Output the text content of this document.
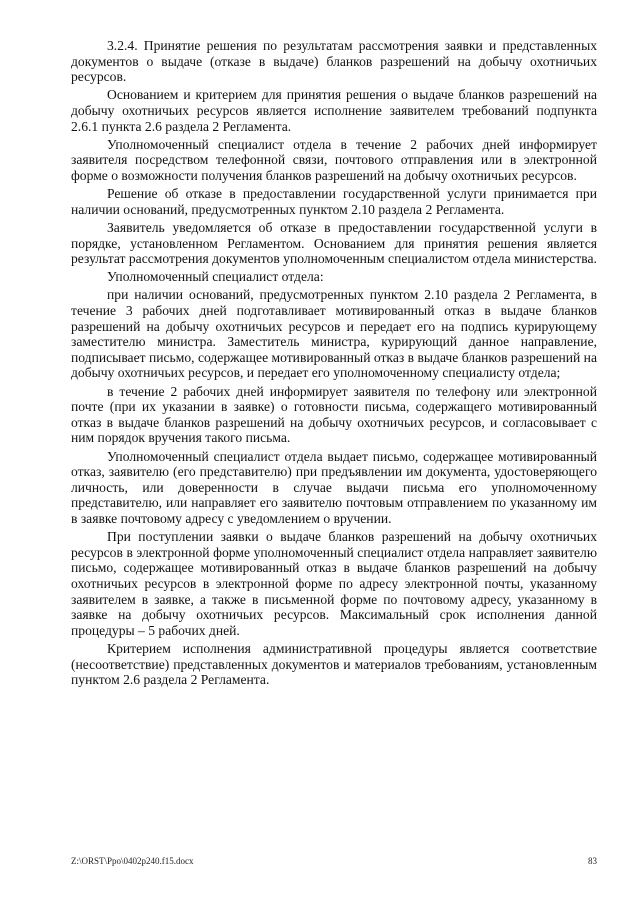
3.2.4. Принятие решения по результатам рассмотрения заявки и представленных документов о выдаче (отказе в выдаче) бланков разрешений на добычу охотничьих ресурсов.

Основанием и критерием для принятия решения о выдаче бланков разрешений на добычу охотничьих ресурсов является исполнение заявителем требований подпункта 2.6.1 пункта 2.6 раздела 2 Регламента.

Уполномоченный специалист отдела в течение 2 рабочих дней информирует заявителя посредством телефонной связи, почтового отправления или в электронной форме о возможности получения бланков разрешений на добычу охотничьих ресурсов.

Решение об отказе в предоставлении государственной услуги принимается при наличии оснований, предусмотренных пунктом 2.10 раздела 2 Регламента.

Заявитель уведомляется об отказе в предоставлении государственной услуги в порядке, установленном Регламентом. Основанием для принятия решения является результат рассмотрения документов уполномоченным специалистом отдела министерства.

Уполномоченный специалист отдела:

при наличии оснований, предусмотренных пунктом 2.10 раздела 2 Регламента, в течение 3 рабочих дней подготавливает мотивированный отказ в выдаче бланков разрешений на добычу охотничьих ресурсов и передает его на подпись курирующему заместителю министра. Заместитель министра, курирующий данное направление, подписывает письмо, содержащее мотивированный отказ в выдаче бланков разрешений на добычу охотничьих ресурсов, и передает его уполномоченному специалисту отдела;

в течение 2 рабочих дней информирует заявителя по телефону или электронной почте (при их указании в заявке) о готовности письма, содержащего мотивированный отказ в выдаче бланков разрешений на добычу охотничьих ресурсов, и согласовывает с ним порядок вручения такого письма.

Уполномоченный специалист отдела выдает письмо, содержащее мотивированный отказ, заявителю (его представителю) при предъявлении им документа, удостоверяющего личность, или доверенности в случае выдачи письма его уполномоченному представителю, или направляет его заявителю почтовым отправлением по указанному им в заявке почтовому адресу с уведомлением о вручении.

При поступлении заявки о выдаче бланков разрешений на добычу охотничьих ресурсов в электронной форме уполномоченный специалист отдела направляет заявителю письмо, содержащее мотивированный отказ в выдаче бланков разрешений на добычу охотничьих ресурсов в электронной форме по адресу электронной почты, указанному заявителем в заявке, а также в письменной форме по почтовому адресу, указанному в заявке на добычу охотничьих ресурсов. Максимальный срок исполнения данной процедуры – 5 рабочих дней.

Критерием исполнения административной процедуры является соответствие (несоответствие) представленных документов и материалов требованиям, установленным пунктом 2.6 раздела 2 Регламента.

Z:\ORST\Ppo\0402p240.f15.docx	83
